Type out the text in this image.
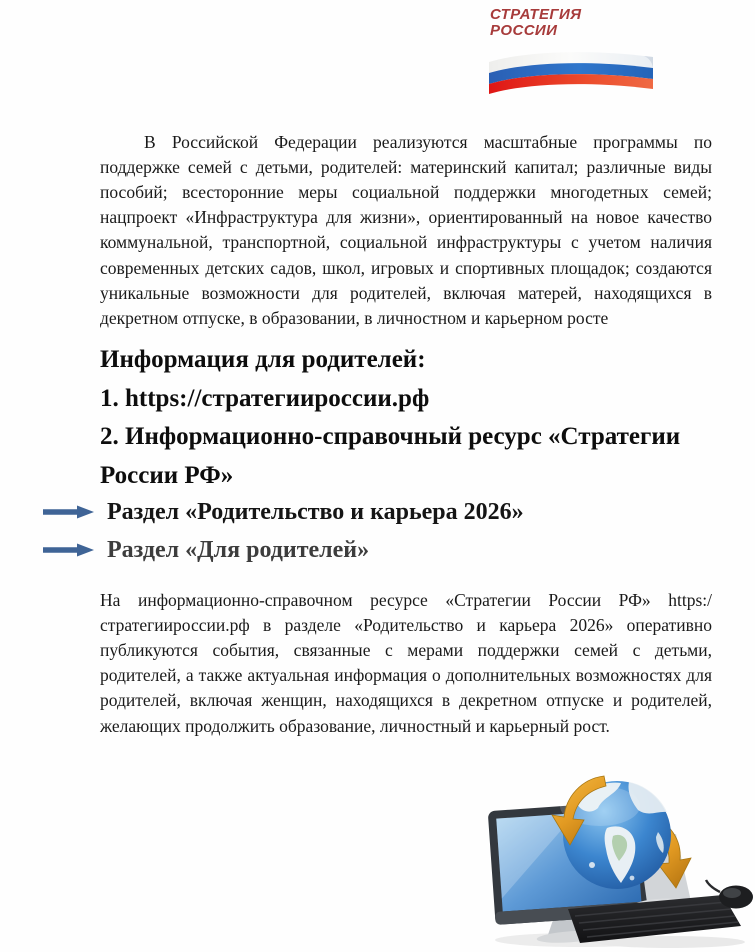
СТРАТЕГИЯ
РОССИИ

В Российской Федерации реализуются масштабные программы по поддержке семей с детьми, родителей: материнский капитал; различные виды пособий; всесторонние меры социальной поддержки многодетных семей; нацпроект «Инфраструктура для жизни», ориентированный на новое качество коммунальной, транспортной, социальной инфраструктуры с учетом наличия современных детских садов, школ, игровых и спортивных площадок; создаются уникальные возможности для родителей, включая матерей, находящихся в декретном отпуске, в образовании, в личностном и карьерном росте

Информация для родителей:
1. https://стратегиироссии.рф
2. Информационно-справочный ресурс «Стратегии России РФ»
Раздел «Родительство и карьера 2026»
Раздел «Для родителей»

На информационно-справочном ресурсе «Стратегии России РФ» https:/стратегиироссии.рф в разделе «Родительство и карьера 2026» оперативно публикуются события, связанные с мерами поддержки семей с детьми, родителей, а также актуальная информация о дополнительных возможностях для родителей, включая женщин, находящихся в декретном отпуске и родителей, желающих продолжить образование, личностный и карьерный рост.
